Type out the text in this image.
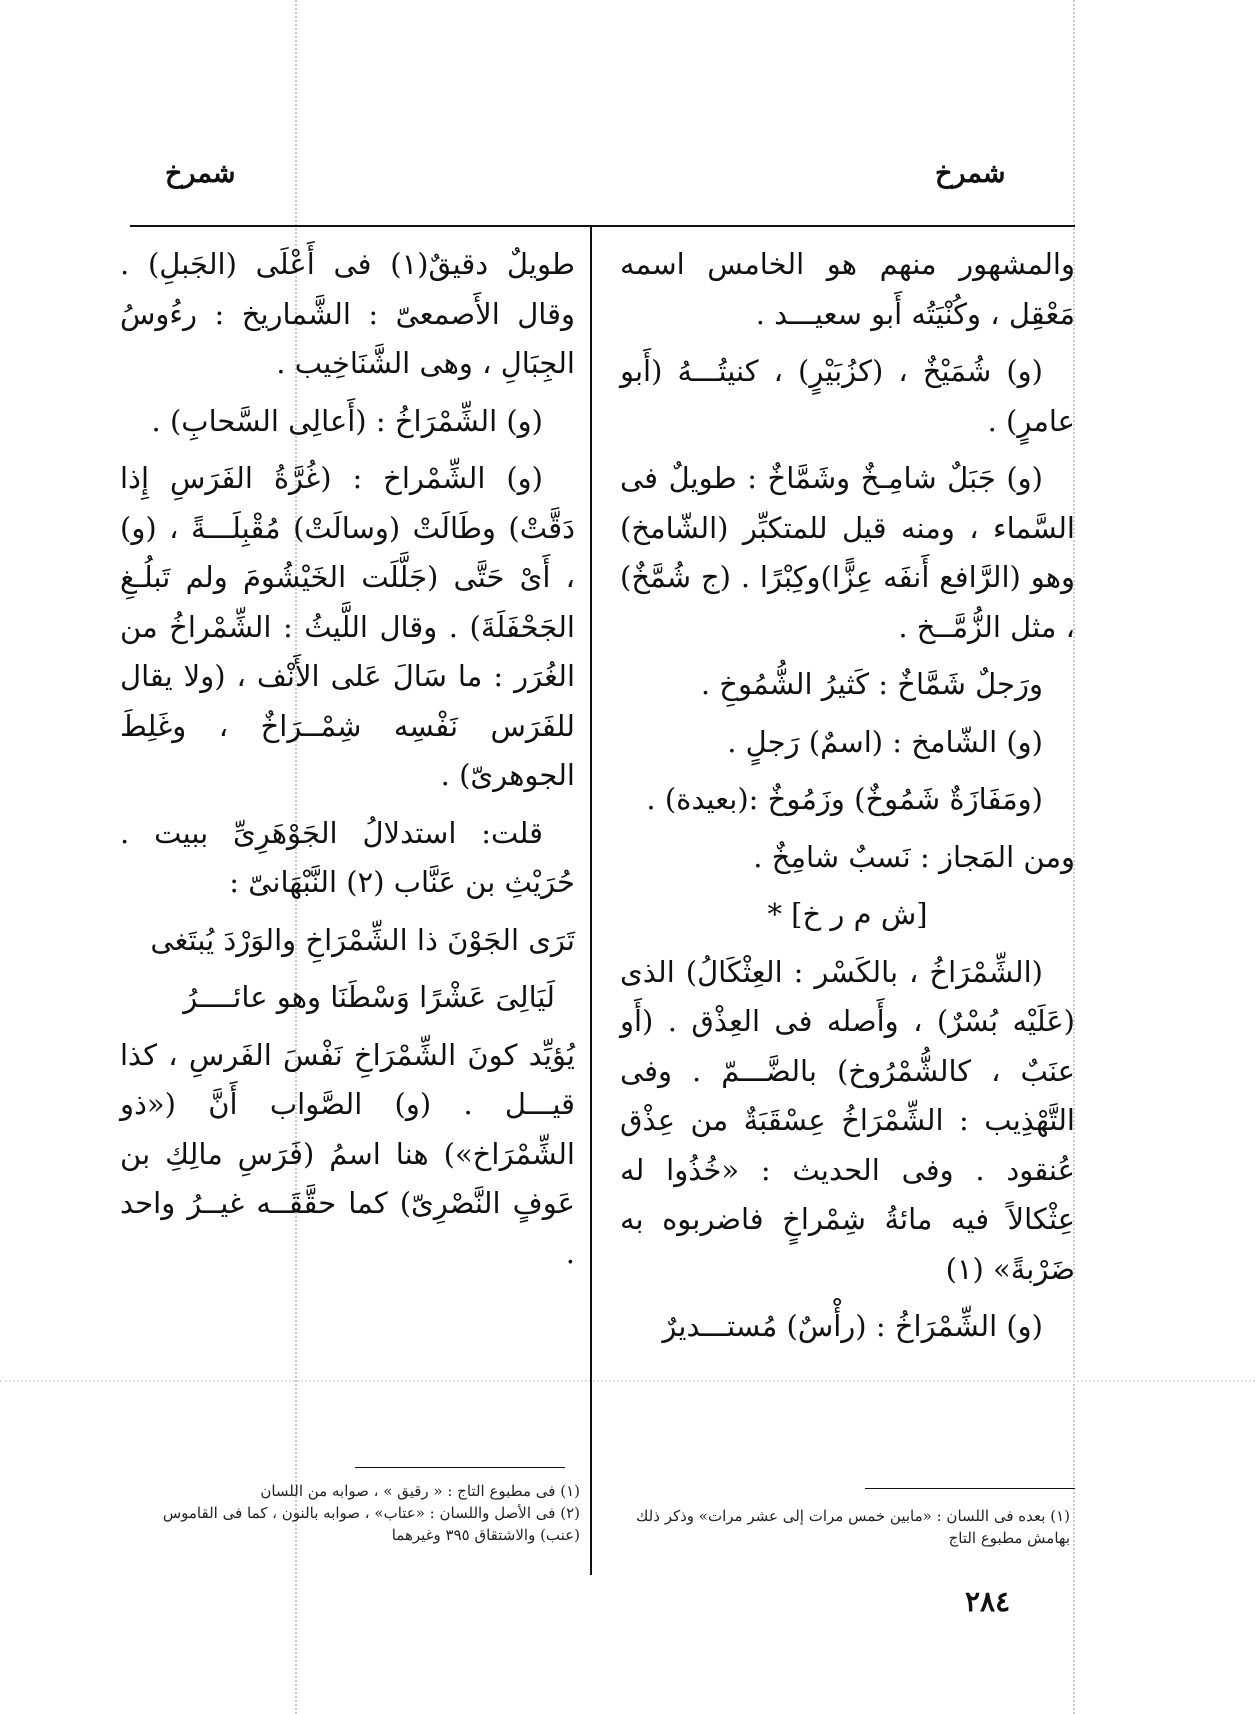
شمرخ
شمرخ

والمشهور منهم هو الخامس اسمه مَعْقِل ، وكُنْيَتُه أَبو سعيـــد .

(و) شُمَيْخٌ ، (كزُبَيْرٍ) ، كنيتُـــهُ (أَبو عامرٍ) .

(و) جَبَلٌ شامِـخٌ وشَمَّاخٌ : طويلٌ فى السَّماء ، ومنه قيل للمتكبِّر (الشّامخ) وهو (الرَّافع أَنفَه عِزًّا)وكِبْرًا . (ج شُمَّخٌ) ، مثل الزُّمَّــخ .

ورَجلٌ شَمَّاخٌ : كَثيرُ الشُّمُوخِ .

(و) الشّامخ : (اسمٌ) رَجلٍ .

(ومَفَازَةٌ شَمُوخٌ) وزَمُوخٌ :(بعيدة) .

ومن المَجاز : نَسبٌ شامِخٌ .

[ش م ر خ] *

(الشِّمْرَاخُ ، بالكَسْر : العِثْكَالُ) الذى (عَلَيْه بُسْرٌ) ، وأَصله فى العِذْق . (أَو عنَبٌ ، كالشُّمْرُوخ) بالضَّـــمّ . وفى التَّهْذِيب : الشِّمْرَاخُ عِسْقَبَةٌ من عِذْق عُنقود . وفى الحديث : «خُذُوا له عِثْكالاً فيه مائةُ شِمْراخٍ فاضربوه به ضَرْبةً» (١)

(و) الشِّمْرَاخُ : (رأْسٌ) مُستـــديرٌ

طويلٌ دقيقٌ(١) فى أَعْلَى (الجَبلِ) . وقال الأَصمعىّ : الشَّماريخ : رءُوسُ الجِبَالِ ، وهى الشَّنَاخِيب .

(و) الشِّمْرَاخُ : (أَعالِى السَّحابِ) .

(و) الشِّمْراخ : (غُرَّةُ الفَرَسِ إِذا دَقَّتْ) وطَالَتْ (وسالَتْ) مُقْبِلَـــةً ، (و) ، أَىْ حَتَّى (جَلَّلَت الخَيْشُومَ ولم تَبلُـغِ الجَحْفَلَةَ) . وقال اللَّيثُ : الشِّمْراخُ من الغُرَر : ما سَالَ عَلى الأَنْف ، (ولا يقال للفَرَس نَفْسِه شِمْــرَاخٌ ، وغَلِطَ الجوهرىّ) .

قلت: استدلالُ الجَوْهَرِىِّ ببيت . حُرَيْثِ بن عَنَّاب (٢) النَّبْهَانىّ :

تَرَى الجَوْنَ ذا الشِّمْرَاخِ والوَرْدَ يُبتَغى

لَيَالِىَ عَشْرًا وَسْطَنَا وهو عائــــرُ

يُؤيِّد كونَ الشِّمْرَاخِ نَفْسَ الفَرسِ ، كذا قيـــل . (و) الصَّواب أَنَّ («ذو الشِّمْرَاخ») هنا اسمُ (فَرَسِ مالِكِ بن عَوفٍ النَّصْرِىّ) كما حقَّقَــه غيــرُ واحد .

(١) بعده فى اللسان : «مابين خمس مرات إلى عشر مرات» وذكر ذلك بهامش مطبوع التاج

(١) فى مطبوع التاج : « رقيق » ، صوابه من اللسان

(٢) فى الأصل واللسان : «عتاب» ، صوابه بالنون ، كما فى القاموس (عنب) والاشتقاق ٣٩٥ وغيرهما

٢٨٤
